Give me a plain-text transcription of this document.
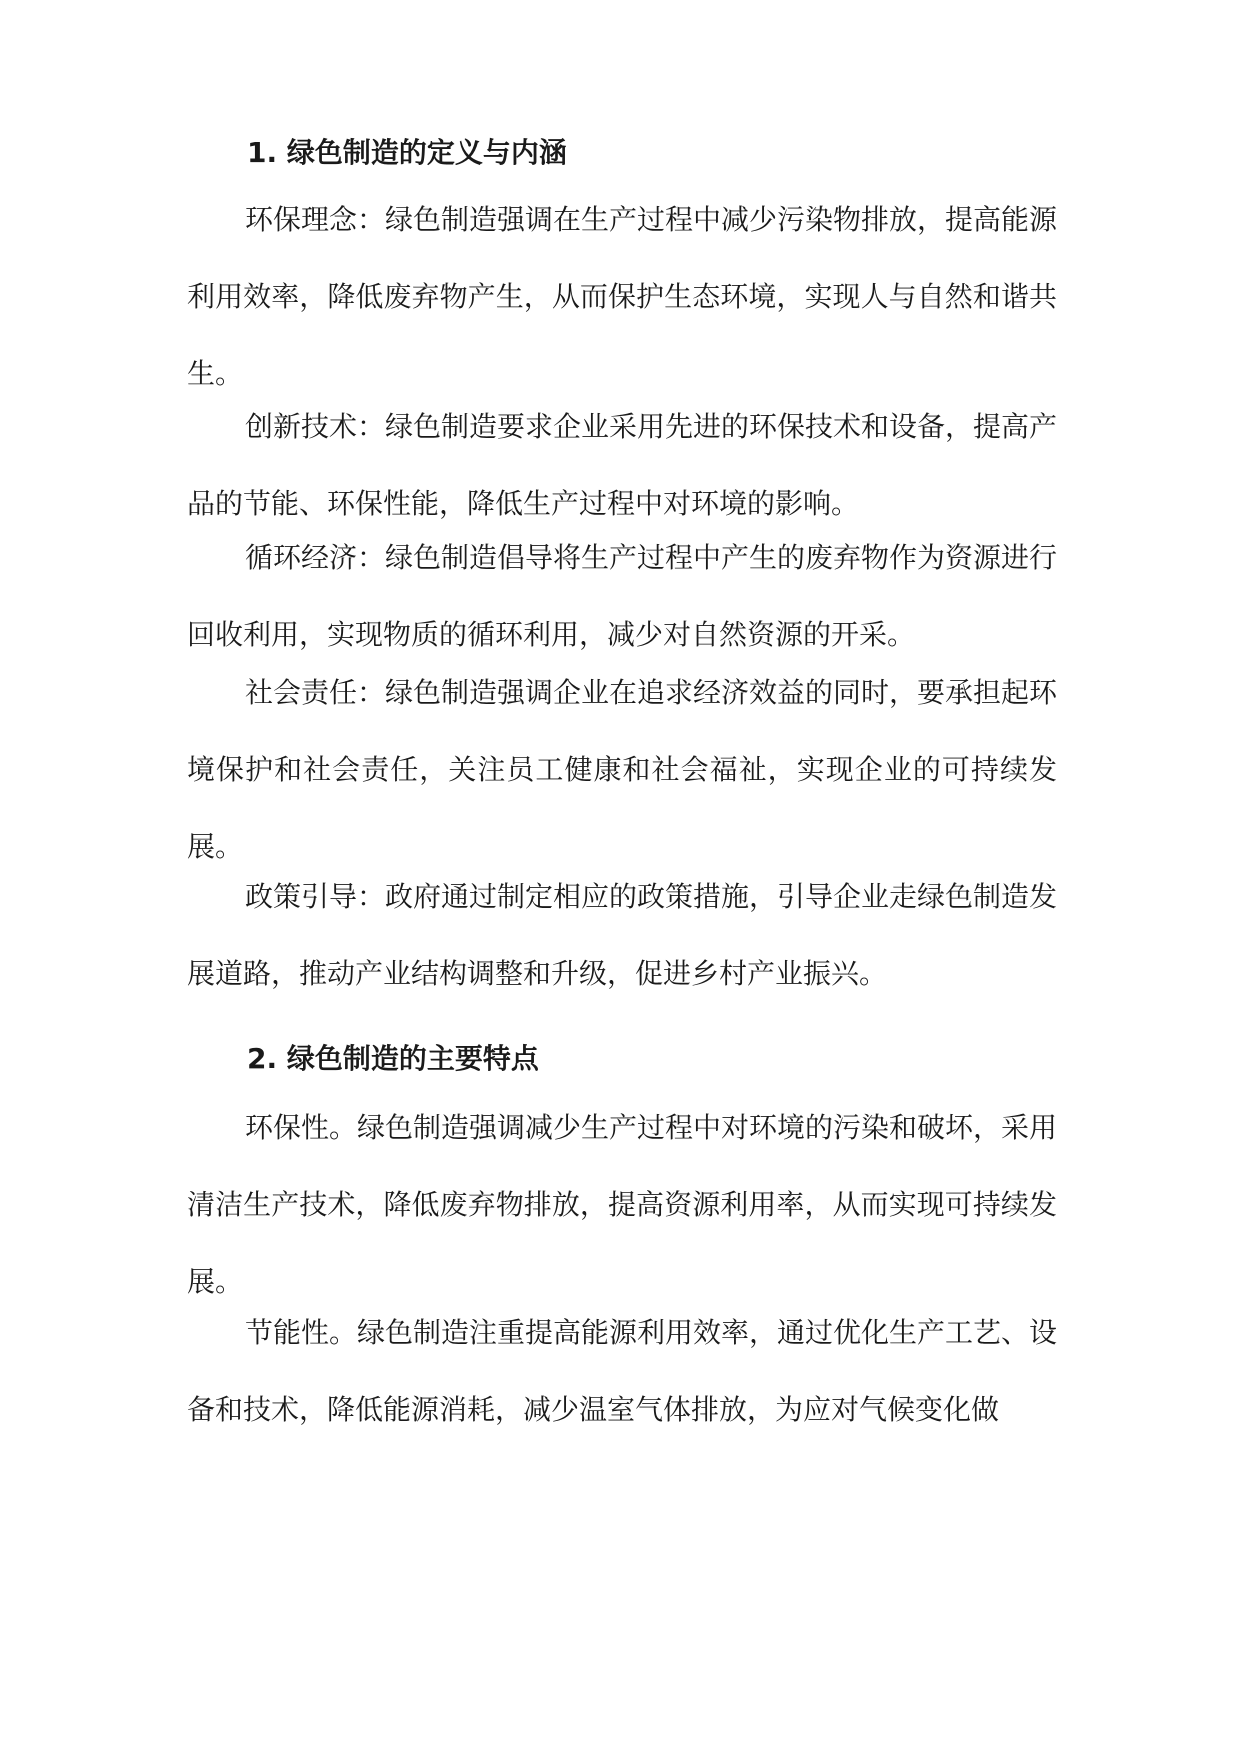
1. 绿色制造的定义与内涵

环保理念：绿色制造强调在生产过程中减少污染物排放，提高能源利用效率，降低废弃物产生，从而保护生态环境，实现人与自然和谐共生。

创新技术：绿色制造要求企业采用先进的环保技术和设备，提高产品的节能、环保性能，降低生产过程中对环境的影响。

循环经济：绿色制造倡导将生产过程中产生的废弃物作为资源进行回收利用，实现物质的循环利用，减少对自然资源的开采。

社会责任：绿色制造强调企业在追求经济效益的同时，要承担起环境保护和社会责任，关注员工健康和社会福祉，实现企业的可持续发展。

政策引导：政府通过制定相应的政策措施，引导企业走绿色制造发展道路，推动产业结构调整和升级，促进乡村产业振兴。

2. 绿色制造的主要特点

环保性。绿色制造强调减少生产过程中对环境的污染和破坏，采用清洁生产技术，降低废弃物排放，提高资源利用率，从而实现可持续发展。

节能性。绿色制造注重提高能源利用效率，通过优化生产工艺、设备和技术，降低能源消耗，减少温室气体排放，为应对气候变化做
